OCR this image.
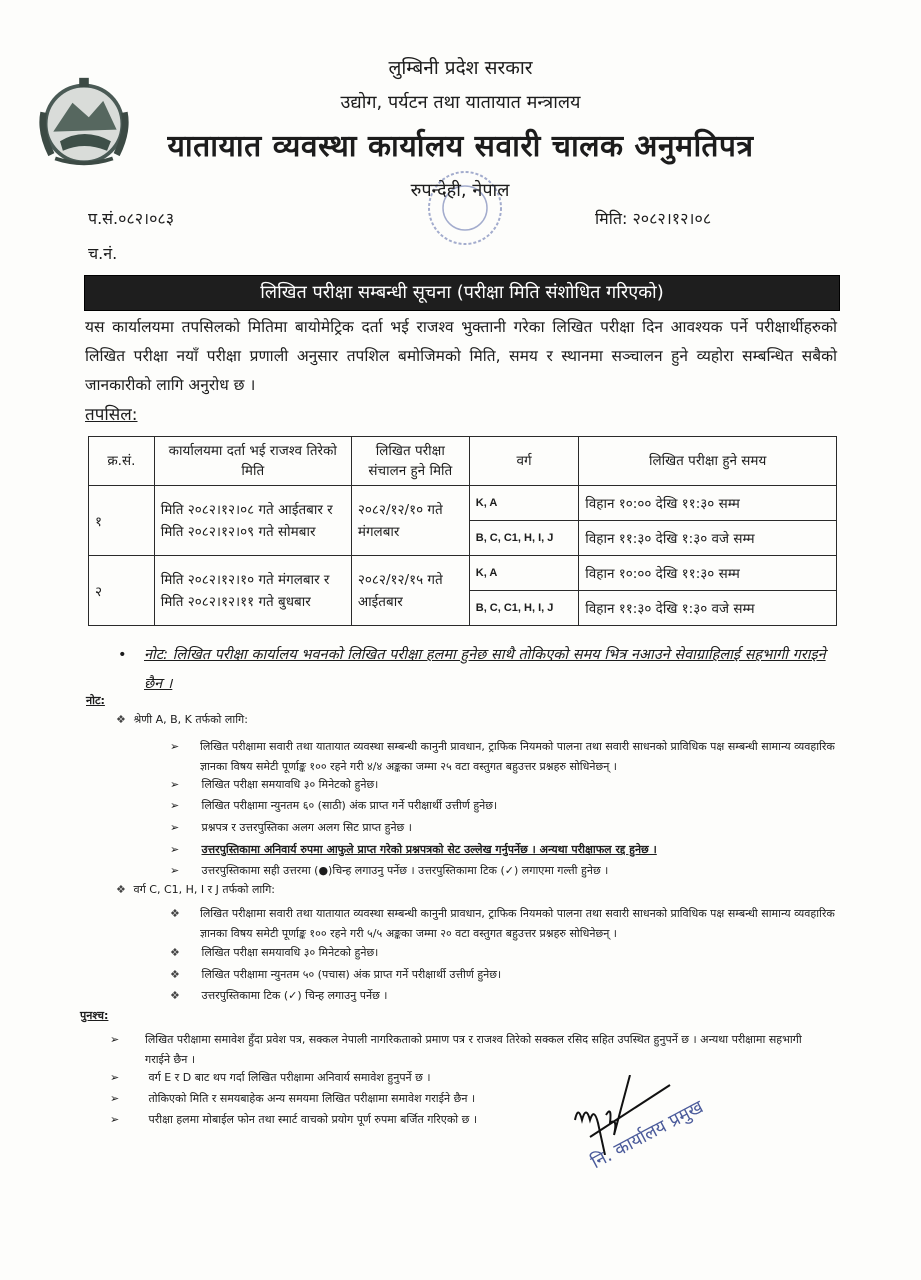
लुम्बिनी प्रदेश सरकार
उद्योग, पर्यटन तथा यातायात मन्त्रालय
यातायात व्यवस्था कार्यालय सवारी चालक अनुमतिपत्र
रुपन्देही, नेपाल
प.सं.०८२।०८३	मिति: २०८२।१२।०८
च.नं.
लिखित परीक्षा सम्बन्धी सूचना (परीक्षा मिति संशोधित गरिएको)
यस कार्यालयमा तपसिलको मितिमा बायोमेट्रिक दर्ता भई राजश्व भुक्तानी गरेका लिखित परीक्षा दिन आवश्यक पर्ने परीक्षार्थीहरुको लिखित परीक्षा नयाँ परीक्षा प्रणाली अनुसार तपशिल बमोजिमको मिति, समय र स्थानमा सञ्चालन हुने व्यहोरा सम्बन्धित सबैको जानकारीको लागि अनुरोध छ ।
तपसिल:
क्र.सं.	कार्यालयमा दर्ता भई राजश्व तिरेको मिति	लिखित परीक्षा संचालन हुने मिति	वर्ग	लिखित परीक्षा हुने समय
१	मिति २०८२।१२।०८ गते आईतबार र मिति २०८२।१२।०९ गते सोमबार	२०८२/१२/१० गते मंगलबार	K, A	विहान १०:०० देखि ११:३० सम्म
			B, C, C1, H, I, J	विहान ११:३० देखि १:३० वजे सम्म
२	मिति २०८२।१२।१० गते मंगलबार र मिति २०८२।१२।११ गते बुधबार	२०८२/१२/१५ गते आईतबार	K, A	विहान १०:०० देखि ११:३० सम्म
			B, C, C1, H, I, J	विहान ११:३० देखि १:३० वजे सम्म
• नोट: लिखित परीक्षा कार्यालय भवनको लिखित परीक्षा हलमा हुनेछ साथै तोकिएको समय भित्र नआउने सेवाग्राहिलाई सहभागी गराइने छैन ।
नोट:
❖ श्रेणी A, B, K तर्फको लागि:
➢	लिखित परीक्षामा सवारी तथा यातायात व्यवस्था सम्बन्धी कानुनी प्रावधान, ट्राफिक नियमको पालना तथा सवारी साधनको प्राविधिक पक्ष सम्बन्धी सामान्य व्यवहारिक ज्ञानका विषय समेटी पूर्णाङ्क १०० रहने गरी ४/४ अङ्कका जम्मा २५ वटा वस्तुगत बहुउत्तर प्रश्नहरु सोधिनेछन् ।
➢ लिखित परीक्षा समयावधि ३० मिनेटको हुनेछ।
➢ लिखित परीक्षामा न्युनतम ६० (साठी) अंक प्राप्त गर्ने परीक्षार्थी उत्तीर्ण हुनेछ।
➢ प्रश्नपत्र र उत्तरपुस्तिका अलग अलग सिट प्राप्त हुनेछ ।
➢ उत्तरपुस्तिकामा अनिवार्य रुपमा आफुले प्राप्त गरेको प्रश्नपत्रको सेट उल्लेख गर्नुपर्नेछ । अन्यथा परीक्षाफल रद्द हुनेछ ।
➢ उत्तरपुस्तिकामा सही उत्तरमा (●)चिन्ह लगाउनु पर्नेछ । उत्तरपुस्तिकामा टिक (✓) लगाएमा गल्ती हुनेछ ।
❖ वर्ग C, C1, H, I र J तर्फको लागि:
❖	लिखित परीक्षामा सवारी तथा यातायात व्यवस्था सम्बन्धी कानुनी प्रावधान, ट्राफिक नियमको पालना तथा सवारी साधनको प्राविधिक पक्ष सम्बन्धी सामान्य व्यवहारिक ज्ञानका विषय समेटी पूर्णाङ्क १०० रहने गरी ५/५ अङ्कका जम्मा २० वटा वस्तुगत बहुउत्तर प्रश्नहरु सोधिनेछन् ।
❖ लिखित परीक्षा समयावधि ३० मिनेटको हुनेछ।
❖ लिखित परीक्षामा न्युनतम ५० (पचास) अंक प्राप्त गर्ने परीक्षार्थी उत्तीर्ण हुनेछ।
❖ उत्तरपुस्तिकामा टिक (✓) चिन्ह लगाउनु पर्नेछ ।
पुनश्च:
➢	लिखित परीक्षामा समावेश हुँदा प्रवेश पत्र, सक्कल नेपाली नागरिकताको प्रमाण पत्र र राजश्व तिरेको सक्कल रसिद सहित उपस्थित हुनुपर्ने छ । अन्यथा परीक्षामा सहभागी गराईने छैन ।
➢	वर्ग E र D बाट थप गर्दा लिखित परीक्षामा अनिवार्य समावेश हुनुपर्ने छ ।
➢	तोकिएको मिति र समयबाहेक अन्य समयमा लिखित परीक्षामा समावेश गराईने छैन ।
➢	परीक्षा हलमा मोबाईल फोन तथा स्मार्ट वाचको प्रयोग पूर्ण रुपमा बर्जित गरिएको छ ।	नि. कार्यालय प्रमुख
